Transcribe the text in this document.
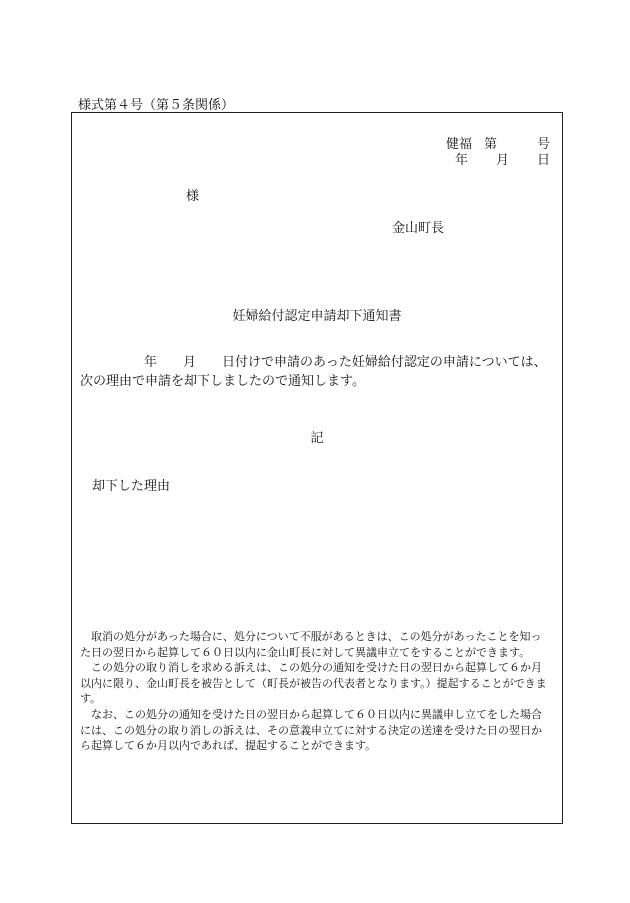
様式第４号（第５条関係）
健福 第	号
年 月 日
様
金山町長
妊婦給付認定申請却下通知書
年 月 日付けで申請のあった妊婦給付認定の申請については、
次の理由で申請を却下しましたので通知します。
記
却下した理由

取消の処分があった場合に、処分について不服があるときは、この処分があったことを知った日の翌日から起算して６０日以内に金山町長に対して異議申立てをすることができます。

この処分の取り消しを求める訴えは、この処分の通知を受けた日の翌日から起算して６か月以内に限り、金山町長を被告として（町長が被告の代表者となります。）提起することができます。

なお、この処分の通知を受けた日の翌日から起算して６０日以内に異議申し立てをした場合には、この処分の取り消しの訴えは、その意義申立てに対する決定の送達を受けた日の翌日から起算して６か月以内であれば、提起することができます。
